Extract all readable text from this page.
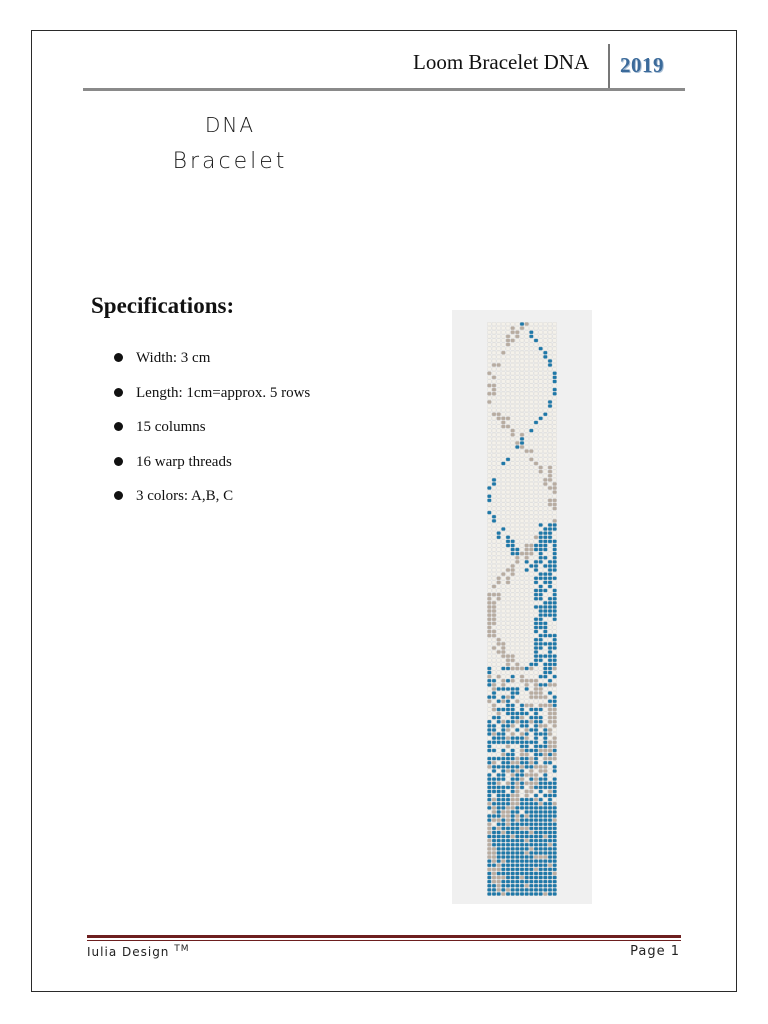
Loom Bracelet DNA 2019
DNA
Bracelet
Specifications:
Width: 3 cm
Length: 1cm=approx. 5 rows
15 columns
16 warp threads
3 colors: A,B, C
Iulia Design ™	Page 1
